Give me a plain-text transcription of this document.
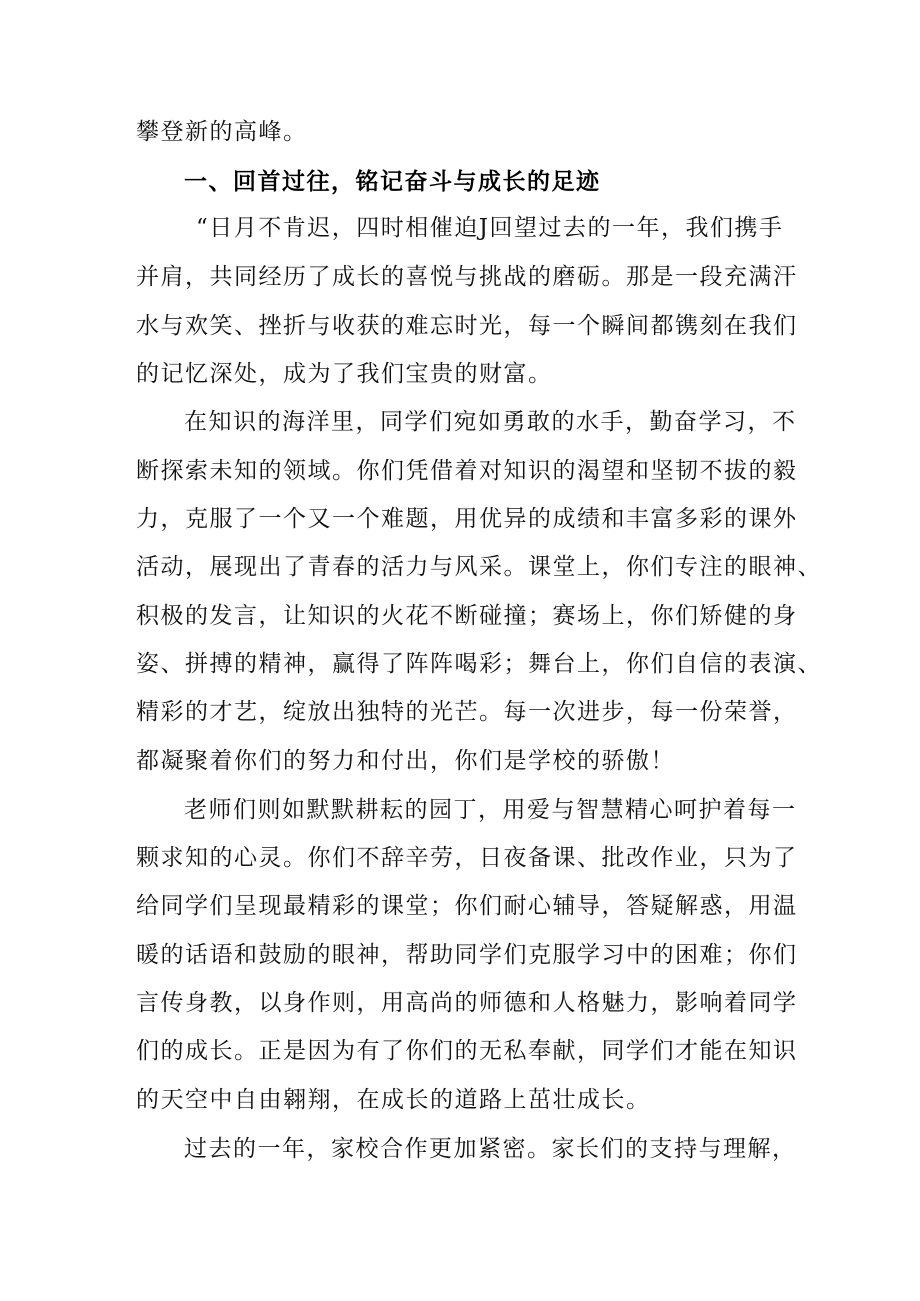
攀登新的高峰。
一、回首过往，铭记奋斗与成长的足迹
“日月不肯迟，四时相催迫J回望过去的一年，我们携手
并肩，共同经历了成长的喜悦与挑战的磨砺。那是一段充满汗
水与欢笑、挫折与收获的难忘时光，每一个瞬间都镌刻在我们
的记忆深处，成为了我们宝贵的财富。
在知识的海洋里，同学们宛如勇敢的水手，勤奋学习，不
断探索未知的领域。你们凭借着对知识的渴望和坚韧不拔的毅
力，克服了一个又一个难题，用优异的成绩和丰富多彩的课外
活动，展现出了青春的活力与风采。课堂上，你们专注的眼神、
积极的发言，让知识的火花不断碰撞；赛场上，你们矫健的身
姿、拼搏的精神，赢得了阵阵喝彩；舞台上，你们自信的表演、
精彩的才艺，绽放出独特的光芒。每一次进步，每一份荣誉，
都凝聚着你们的努力和付出，你们是学校的骄傲！
老师们则如默默耕耘的园丁，用爱与智慧精心呵护着每一
颗求知的心灵。你们不辞辛劳，日夜备课、批改作业，只为了
给同学们呈现最精彩的课堂；你们耐心辅导，答疑解惑，用温
暖的话语和鼓励的眼神，帮助同学们克服学习中的困难；你们
言传身教，以身作则，用高尚的师德和人格魅力，影响着同学
们的成长。正是因为有了你们的无私奉献，同学们才能在知识
的天空中自由翱翔，在成长的道路上茁壮成长。
过去的一年，家校合作更加紧密。家长们的支持与理解，
